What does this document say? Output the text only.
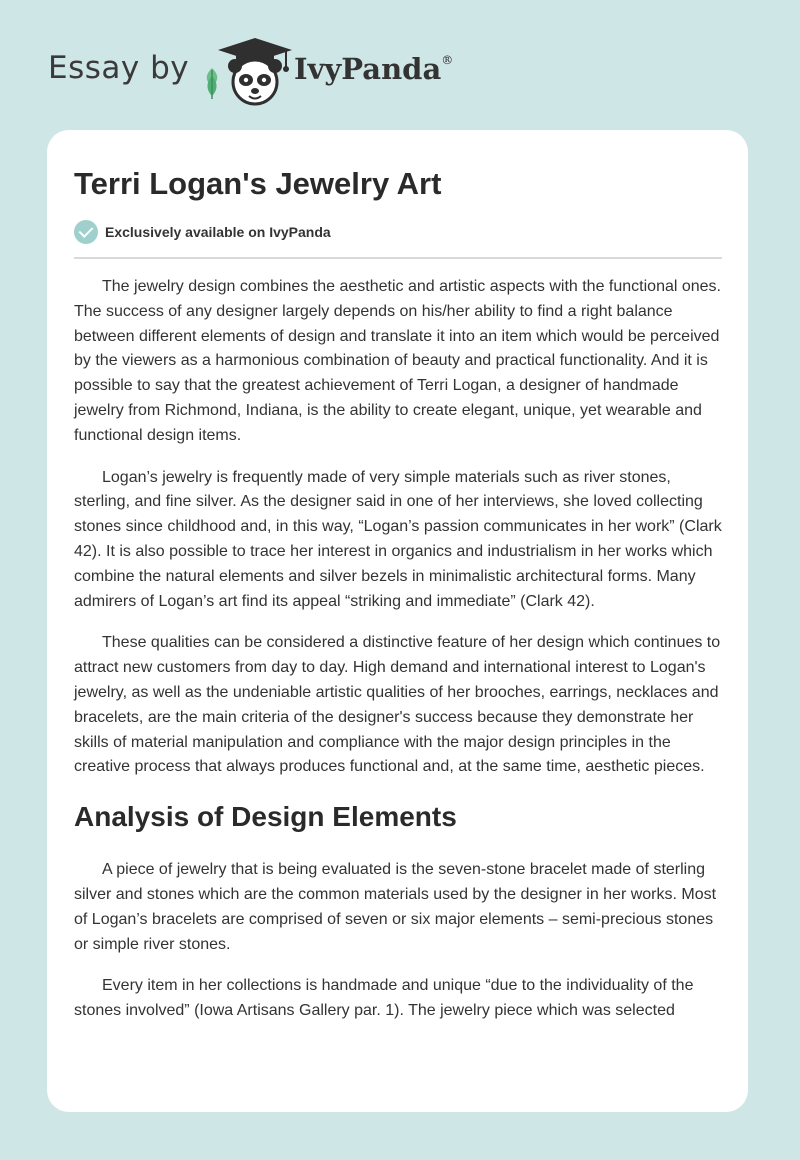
Essay by	IvyPanda®
Terri Logan's Jewelry Art
Exclusively available on IvyPanda

The jewelry design combines the aesthetic and artistic aspects with the functional ones. The success of any designer largely depends on his/her ability to find a right balance between different elements of design and translate it into an item which would be perceived by the viewers as a harmonious combination of beauty and practical functionality. And it is possible to say that the greatest achievement of Terri Logan, a designer of handmade jewelry from Richmond, Indiana, is the ability to create elegant, unique, yet wearable and functional design items.

Logan’s jewelry is frequently made of very simple materials such as river stones, sterling, and fine silver. As the designer said in one of her interviews, she loved collecting stones since childhood and, in this way, “Logan’s passion communicates in her work” (Clark 42). It is also possible to trace her interest in organics and industrialism in her works which combine the natural elements and silver bezels in minimalistic architectural forms. Many admirers of Logan’s art find its appeal “striking and immediate” (Clark 42).

These qualities can be considered a distinctive feature of her design which continues to attract new customers from day to day. High demand and international interest to Logan's jewelry, as well as the undeniable artistic qualities of her brooches, earrings, necklaces and bracelets, are the main criteria of the designer's success because they demonstrate her skills of material manipulation and compliance with the major design principles in the creative process that always produces functional and, at the same time, aesthetic pieces.

Analysis of Design Elements

A piece of jewelry that is being evaluated is the seven-stone bracelet made of sterling silver and stones which are the common materials used by the designer in her works. Most of Logan’s bracelets are comprised of seven or six major elements – semi-precious stones or simple river stones.

Every item in her collections is handmade and unique “due to the individuality of the stones involved” (Iowa Artisans Gallery par. 1). The jewelry piece which was selected
